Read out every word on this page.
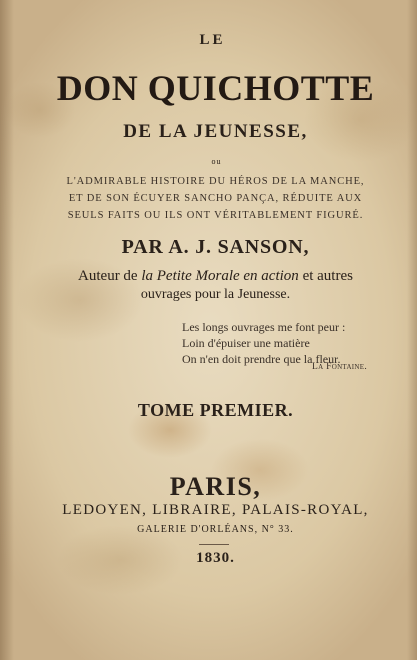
LE
DON QUICHOTTE
DE LA JEUNESSE,
ou
L'ADMIRABLE HISTOIRE DU HÉROS DE LA MANCHE,
ET DE SON ÉCUYER SANCHO PANÇA, RÉDUITE AUX
SEULS FAITS OU ILS ONT VÉRITABLEMENT FIGURÉ.
PAR A. J. SANSON,
Auteur de la Petite Morale en action et autres
ouvrages pour la Jeunesse.
Les longs ouvrages me font peur :
Loin d'épuiser une matière
On n'en doit prendre que la fleur.
La Fontaine.
TOME PREMIER.
PARIS,
LEDOYEN, LIBRAIRE, PALAIS-ROYAL,
GALERIE D'ORLÉANS, N° 33.
1830.
